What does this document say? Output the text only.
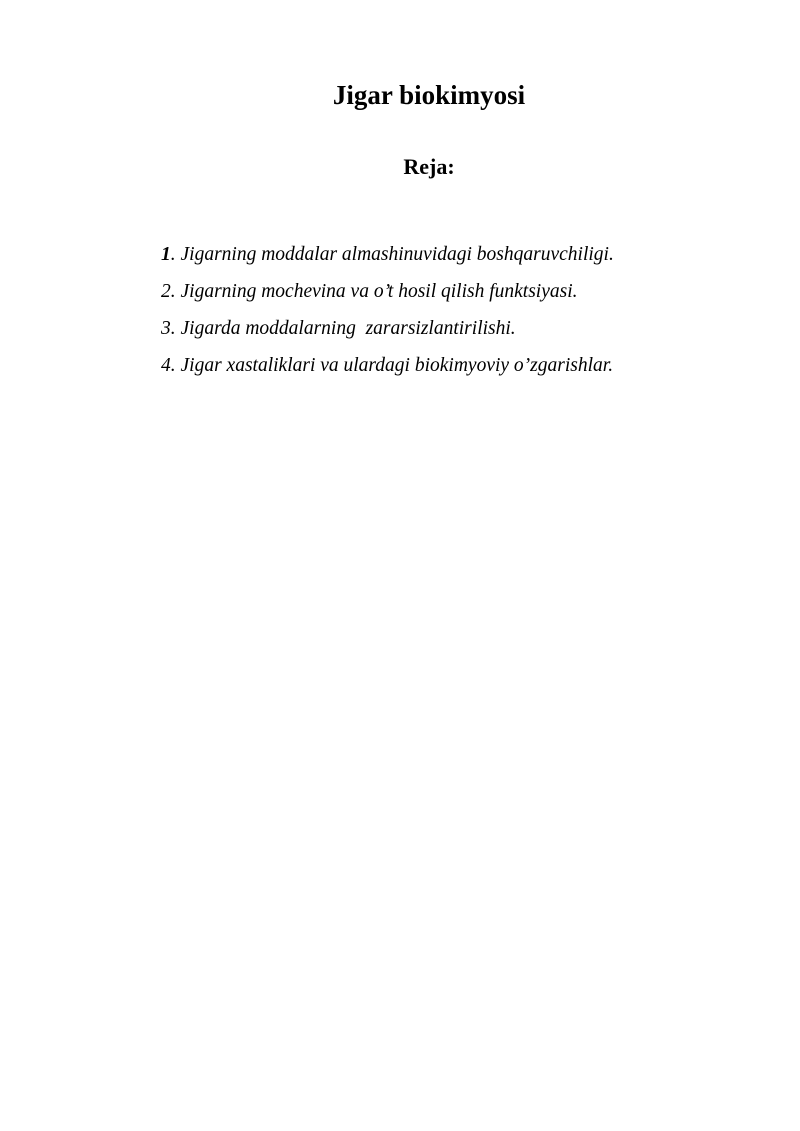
Jigar biokimyosi
Reja:
1. Jigarning moddalar almashinuvidagi boshqaruvchiligi.
2. Jigarning mochevina va o’t hosil qilish funktsiyasi.
3. Jigarda moddalarning  zararsizlantirilishi.
4. Jigar xastaliklari va ulardagi biokimyoviy o’zgarishlar.
